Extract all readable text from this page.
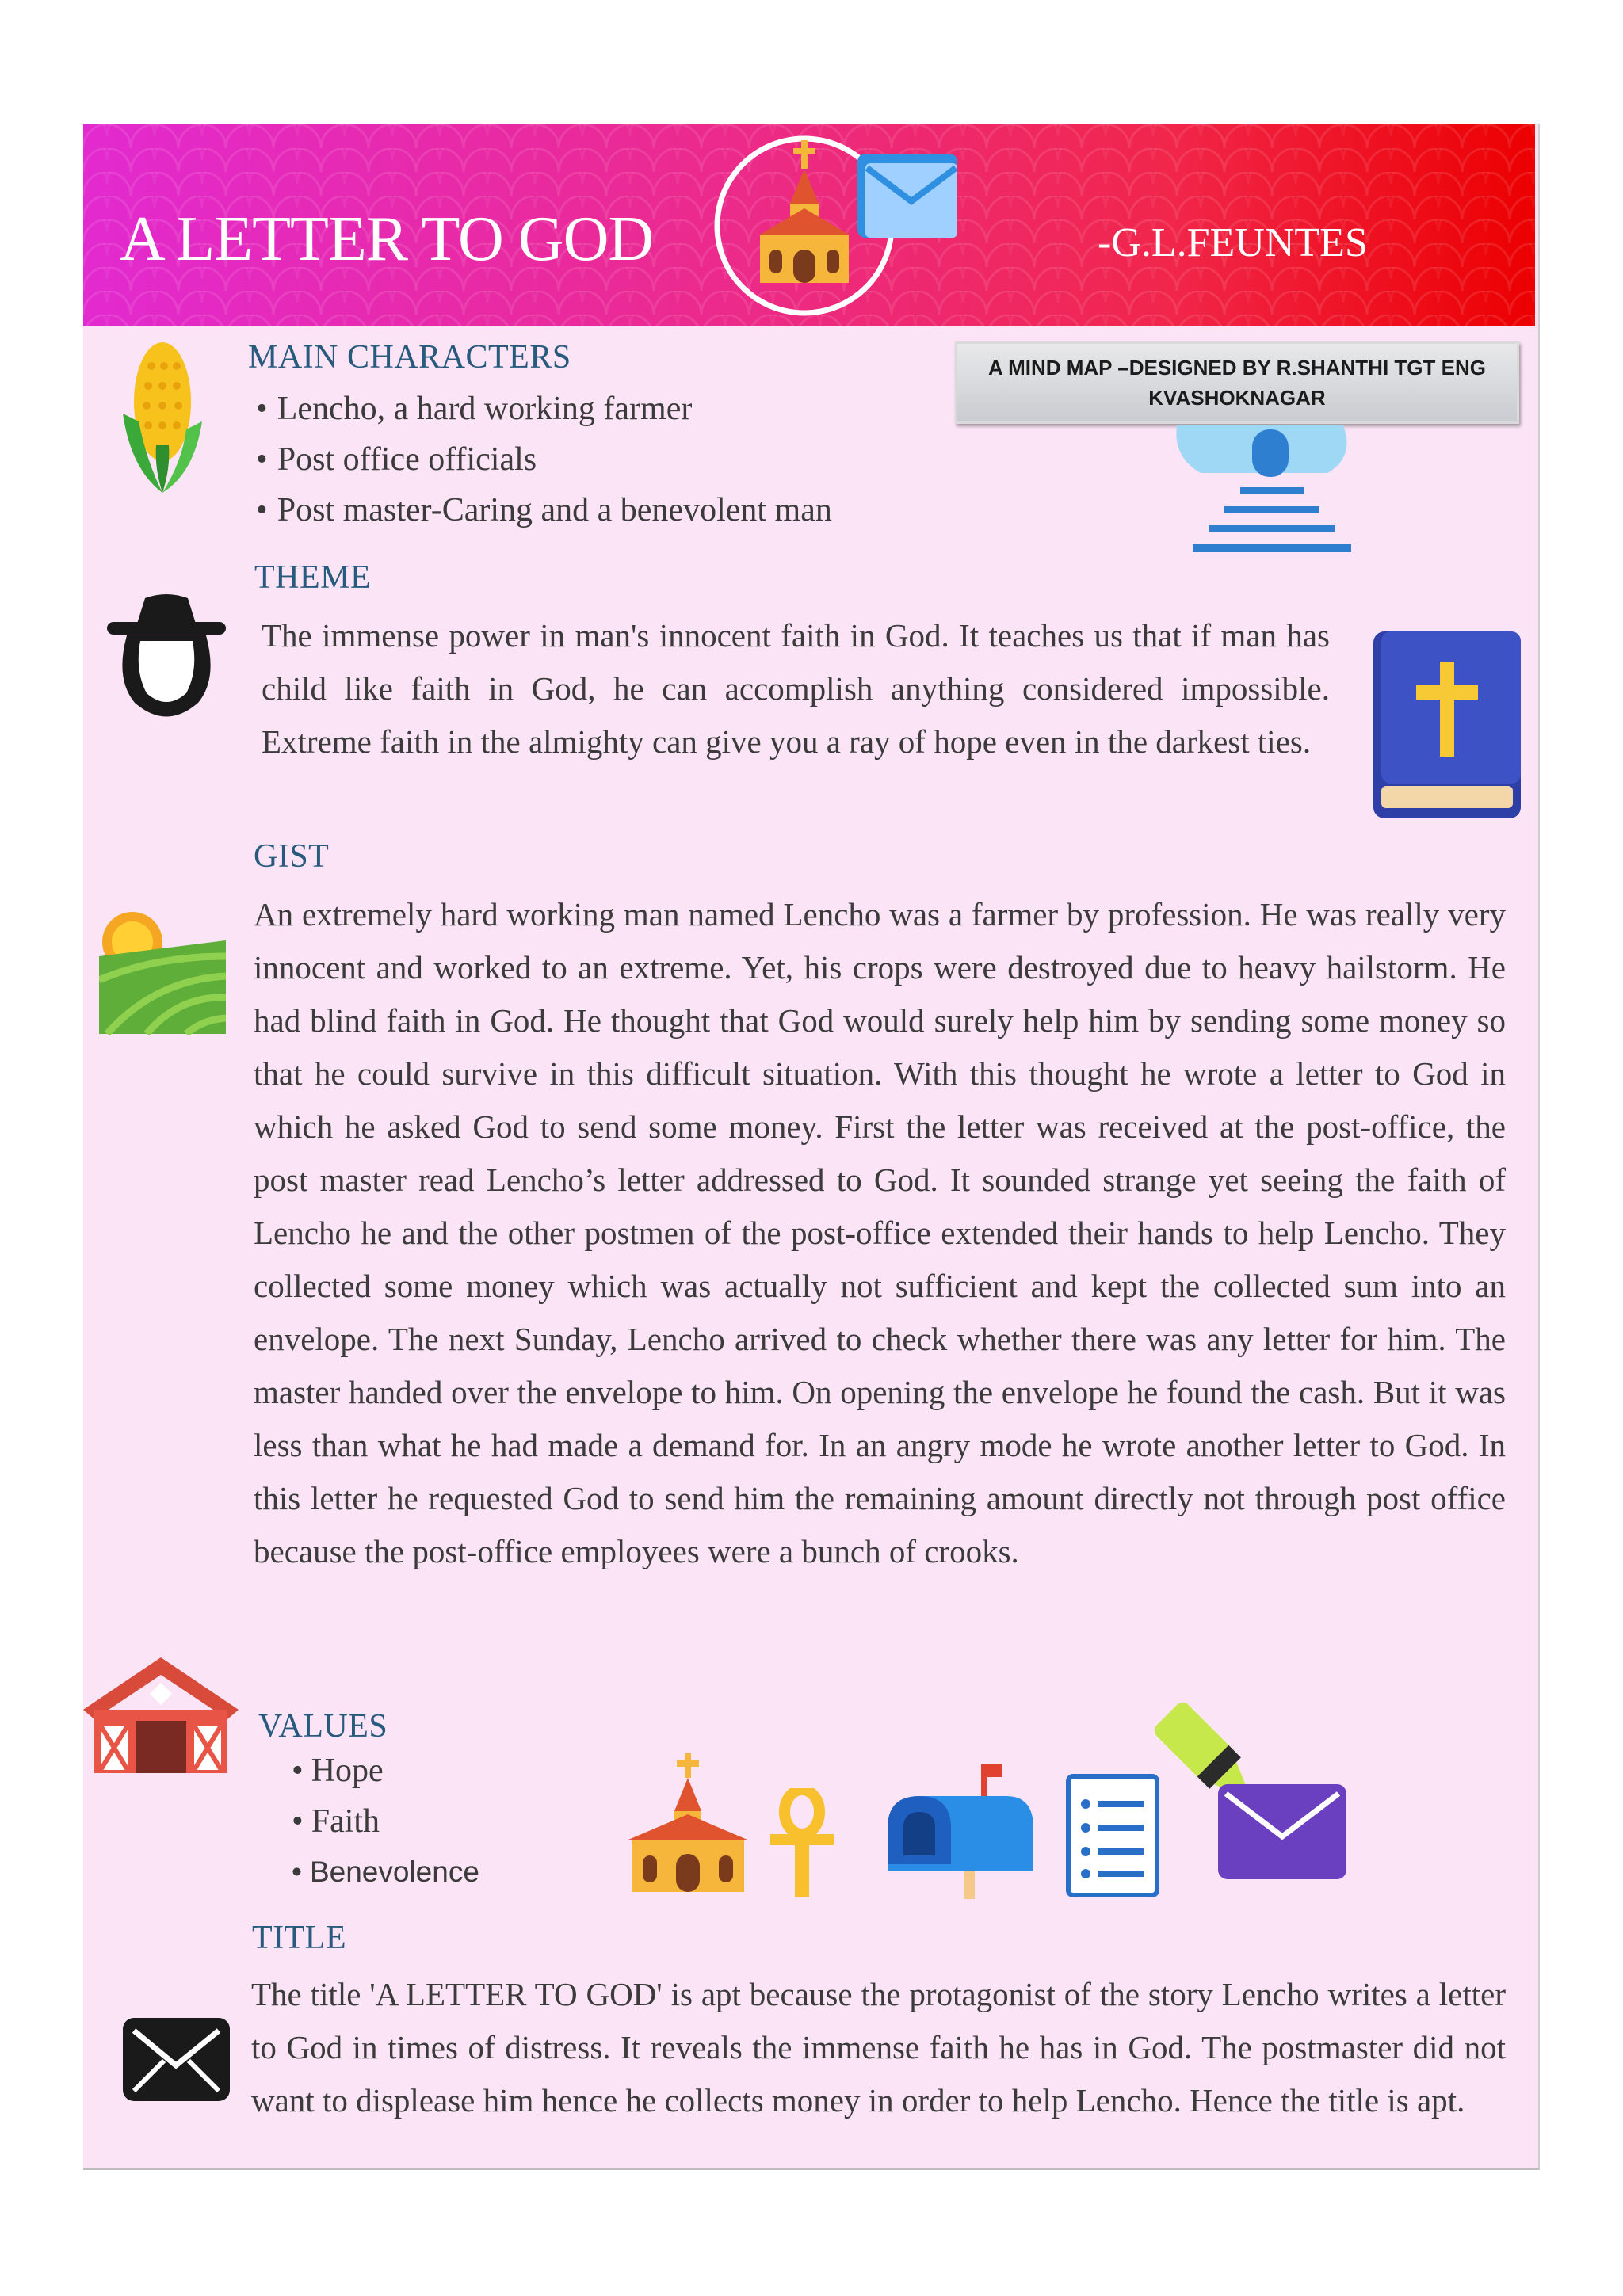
A LETTER TO GOD	-G.L.FEUNTES
A MIND MAP –DESIGNED BY R.SHANTHI TGT ENG
KVASHOKNAGAR
MAIN CHARACTERS
• Lencho, a hard working farmer
• Post office officials
• Post master-Caring and a benevolent man
THEME

The immense power in man's innocent faith in God. It teaches us that if man has child like faith in God, he can accomplish anything considered impossible. Extreme faith in the almighty can give you a ray of hope even in the darkest ties.

GIST

An extremely hard working man named Lencho was a farmer by profession. He was really very innocent and worked to an extreme. Yet, his crops were destroyed due to heavy hailstorm. He had blind faith in God. He thought that God would surely help him by sending some money so that he could survive in this difficult situation. With this thought he wrote a letter to God in which he asked God to send some money. First the letter was received at the post-office, the post master read Lencho’s letter addressed to God. It sounded strange yet seeing the faith of Lencho he and the other postmen of the post-office extended their hands to help Lencho. They collected some money which was actually not sufficient and kept the collected sum into an envelope. The next Sunday, Lencho arrived to check whether there was any letter for him. The master handed over the envelope to him. On opening the envelope he found the cash. But it was less than what he had made a demand for. In an angry mode he wrote another letter to God. In this letter he requested God to send him the remaining amount directly not through post office because the post-office employees were a bunch of crooks.

VALUES
• Hope
• Faith
• Benevolence
TITLE

The title 'A LETTER TO GOD' is apt because the protagonist of the story Lencho writes a letter to God in times of distress. It reveals the immense faith he has in God. The postmaster did not want to displease him hence he collects money in order to help Lencho. Hence the title is apt.
